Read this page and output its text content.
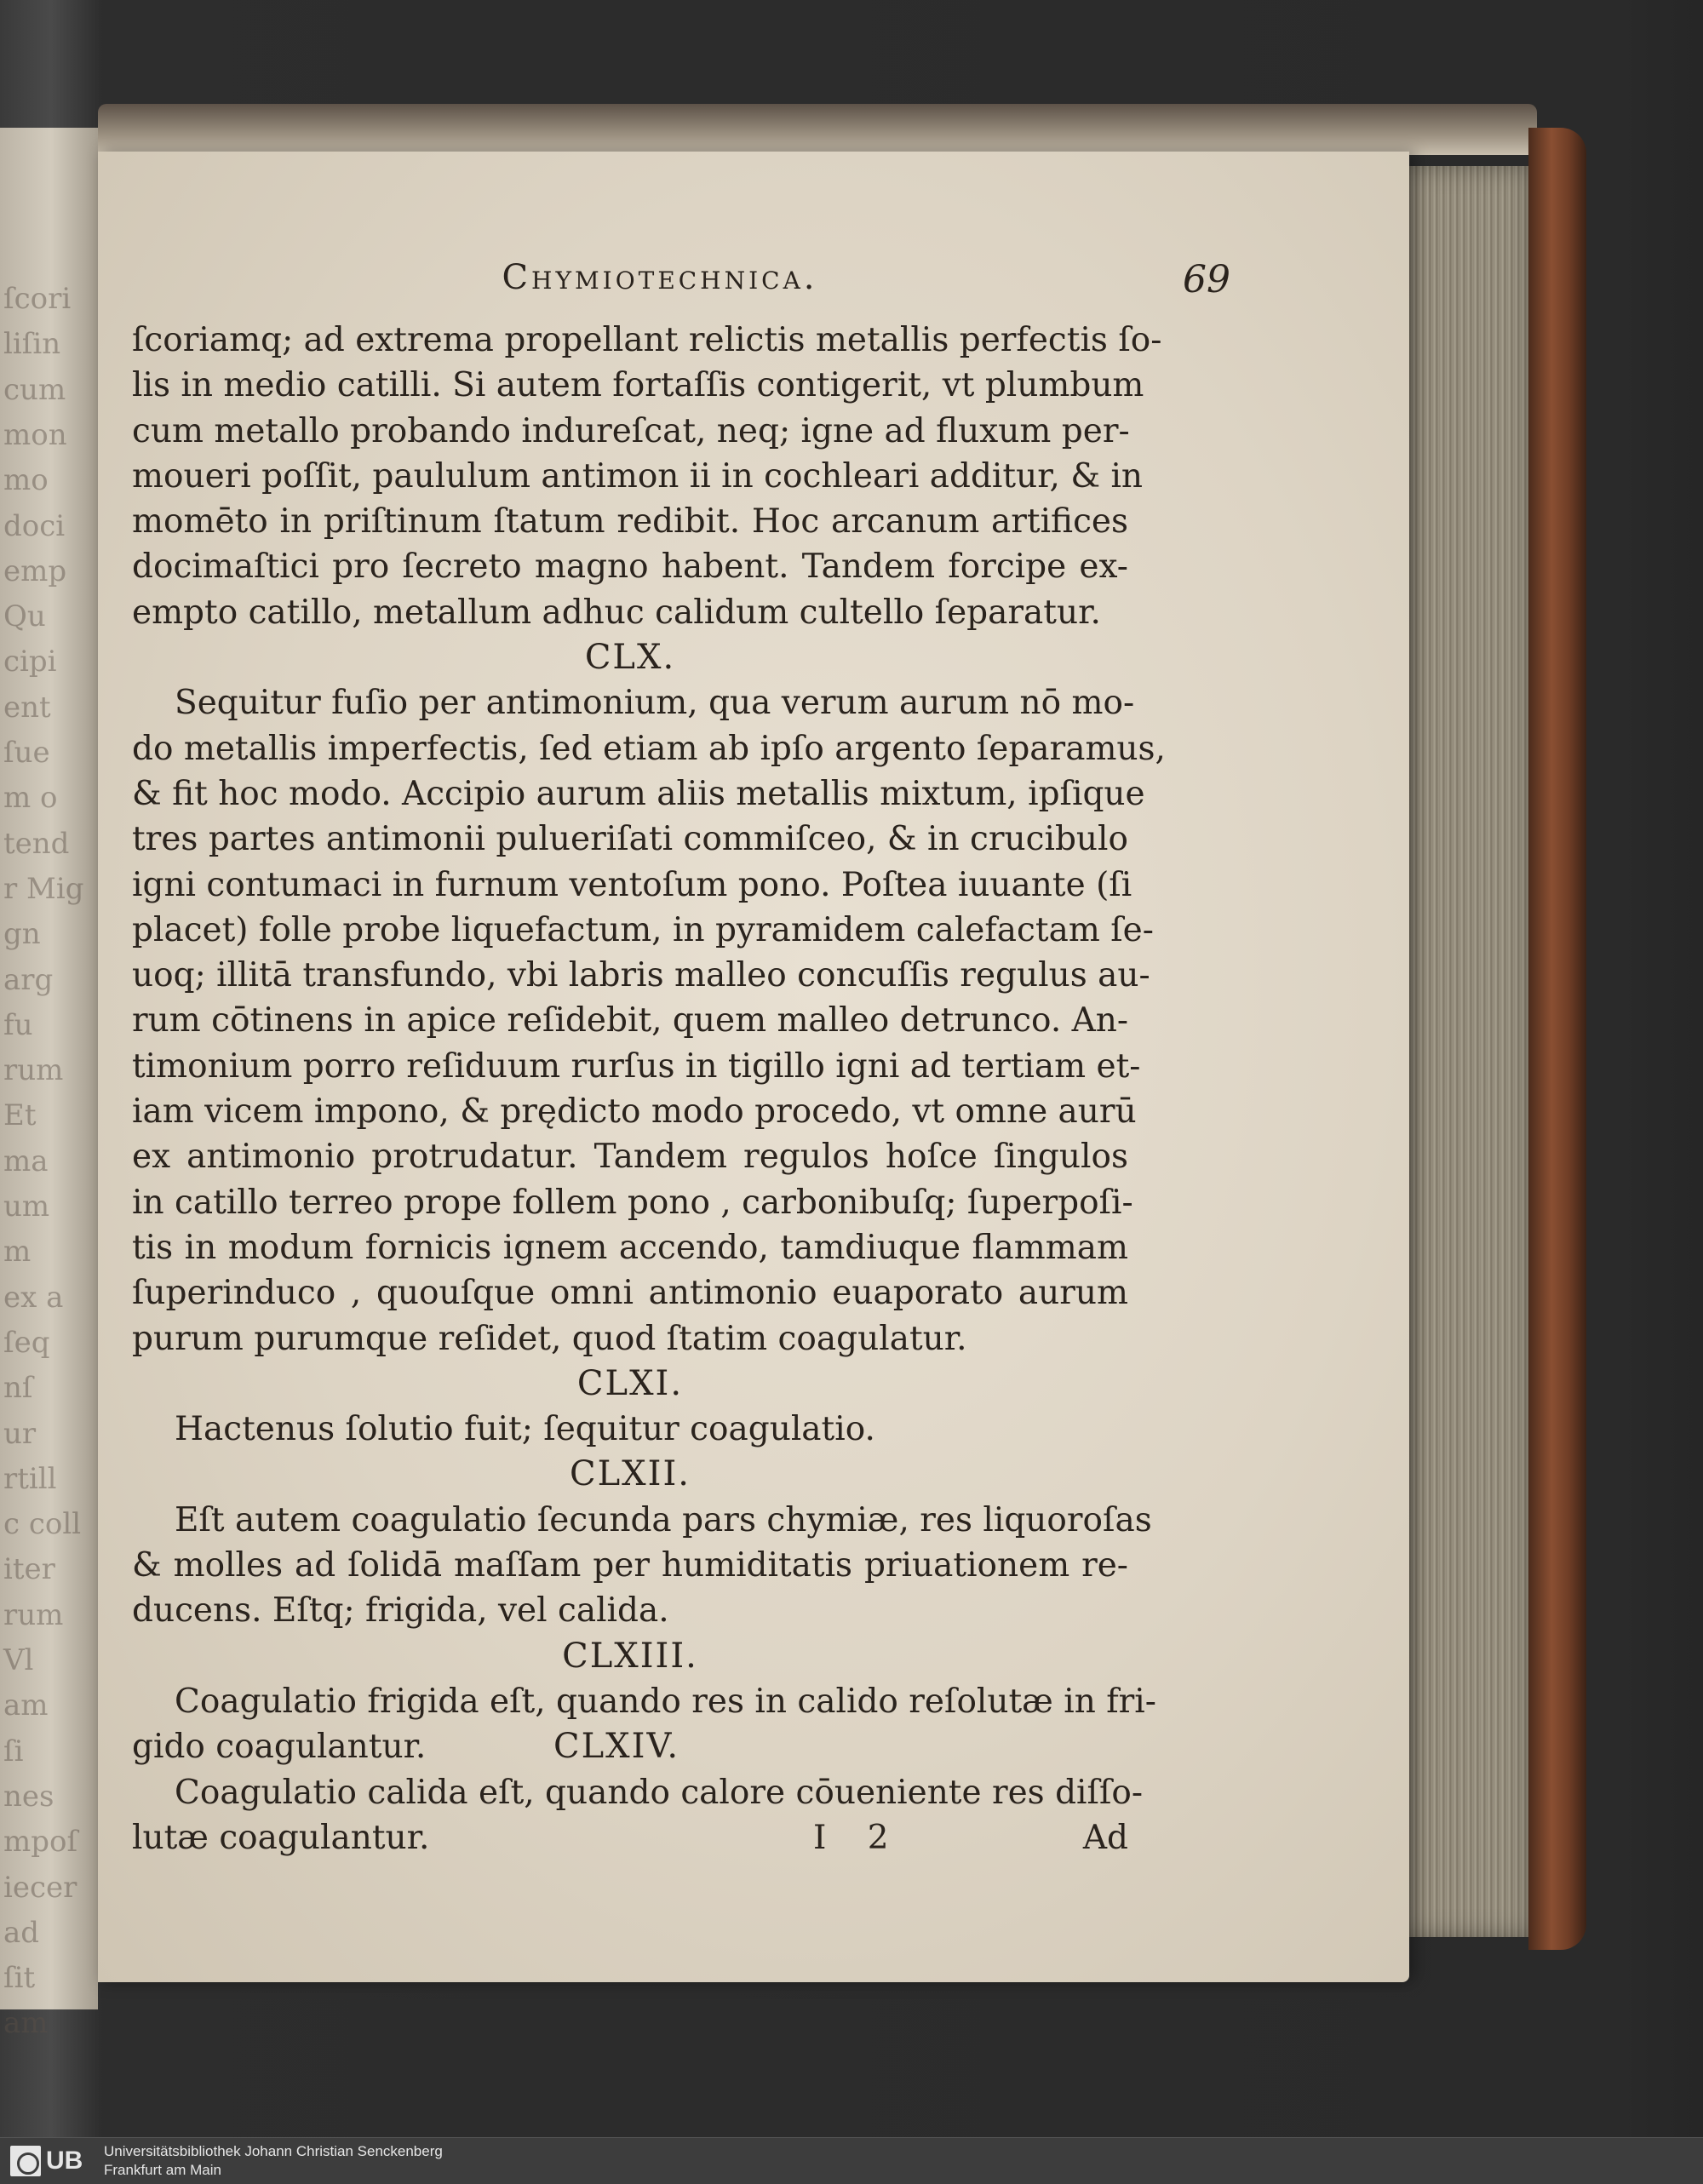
ſcori
liſin
cum
mon
mo
doci
emp
Qu
cipi
ent
ſue
m o
tend
r Mig
gn
arg
fu
rum
Et
ma
um
m
ex a
ſeq
nſ
ur
rtill
c coll
iter
rum
Vl
am
ſi
nes
mpoſ
iecer
ad
ſit
am
Chymiotechnica.	69
ſcoriamq; ad extrema propellant relictis metallis perfectis ſo-
lis in medio catilli. Si autem fortaſſis contigerit, vt plumbum
cum metallo probando indureſcat, neq; igne ad fluxum per-
moueri poſſit, paululum antimon ii in cochleari additur, & in
momēto in priſtinum ſtatum redibit. Hoc arcanum artifices
docimaſtici pro ſecreto magno habent. Tandem forcipe ex-
empto catillo, metallum adhuc calidum cultello ſeparatur.
CLX.
Sequitur fuſio per antimonium, qua verum aurum nō mo-
do metallis imperfectis, ſed etiam ab ipſo argento ſeparamus,
& fit hoc modo. Accipio aurum aliis metallis mixtum, ipſique
tres partes antimonii pulueriſati commiſceo, & in crucibulo
igni contumaci in furnum ventoſum pono. Poſtea iuuante (ſi
placet) folle probe liquefactum, in pyramidem calefactam ſe-
uoq; illitā transfundo, vbi labris malleo concuſſis regulus au-
rum cōtinens in apice reſidebit, quem malleo detrunco. An-
timonium porro reſiduum rurſus in tigillo igni ad tertiam et-
iam vicem impono, & prędicto modo procedo, vt omne aurū
ex antimonio protrudatur. Tandem regulos hoſce ſingulos
in catillo terreo prope follem pono , carbonibuſq; ſuperpoſi-
tis in modum fornicis ignem accendo, tamdiuque flammam
ſuperinduco , quouſque omni antimonio euaporato aurum
purum purumque reſidet, quod ſtatim coagulatur.
CLXI.
Hactenus ſolutio fuit; ſequitur coagulatio.
CLXII.
Eſt autem coagulatio ſecunda pars chymiæ, res liquoroſas
& molles ad ſolidā maſſam per humiditatis priuationem re-
ducens. Eſtq; frigida, vel calida.
CLXIII.
Coagulatio frigida eſt, quando res in calido reſolutæ in fri-
gido coagulantur.	CLXIV.
Coagulatio calida eſt, quando calore cōueniente res diſſo-
lutæ coagulantur.	I 2	Ad
UB Universitätsbibliothek Johann Christian Senckenberg
Frankfurt am Main
